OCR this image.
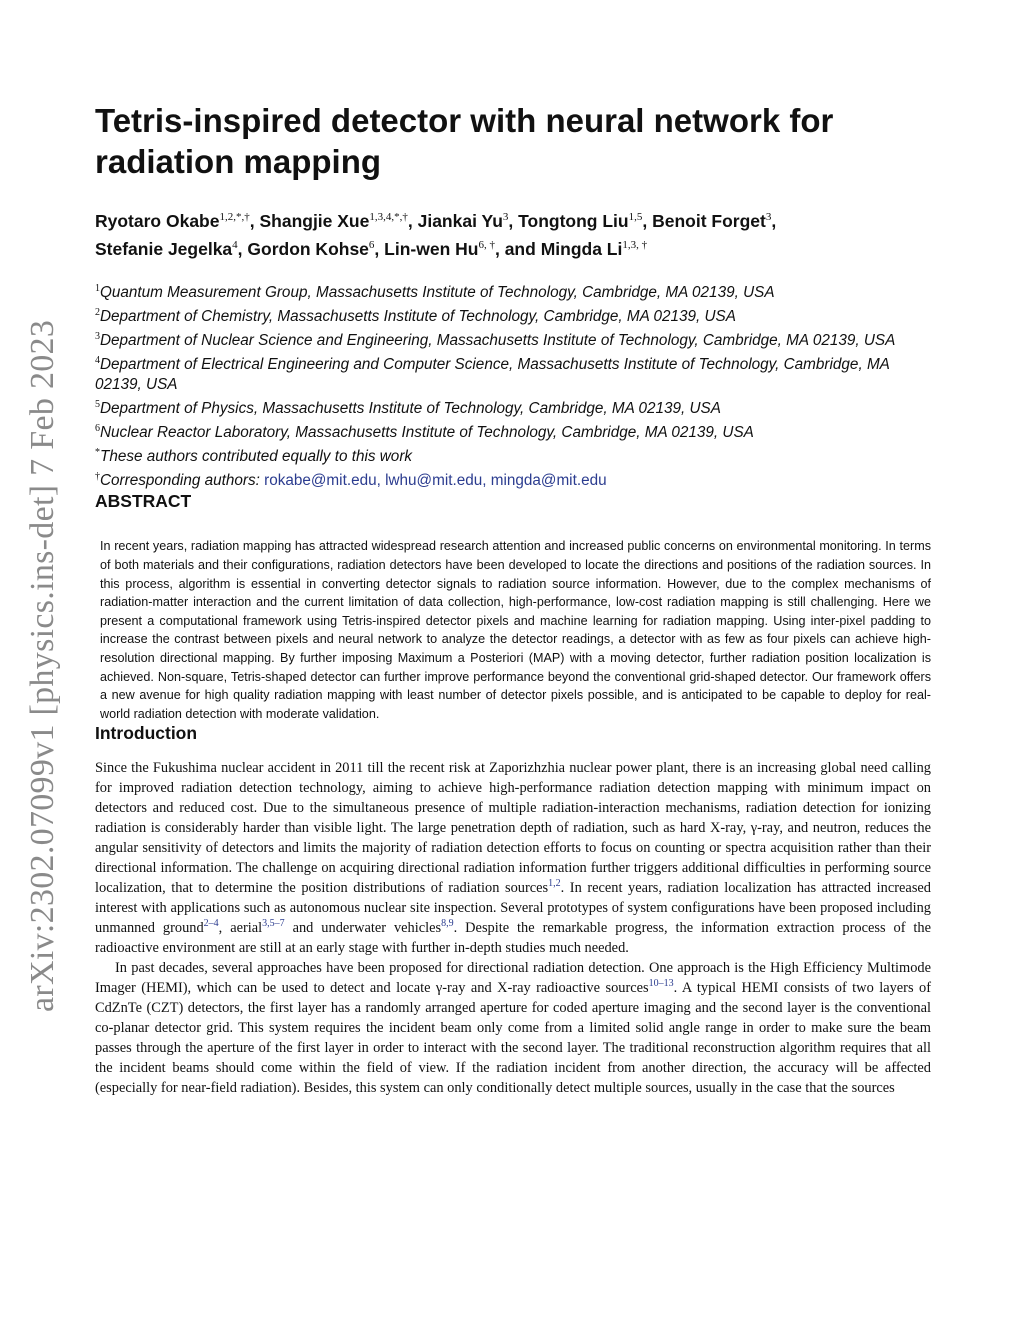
arXiv:2302.07099v1 [physics.ins-det] 7 Feb 2023
Tetris-inspired detector with neural network for radiation mapping
Ryotaro Okabe$^{1,2,*,\dagger}$, Shangjie Xue$^{1,3,4,*,\dagger}$, Jiankai Yu$^3$, Tongtong Liu$^{1,5}$, Benoit Forget$^3$,
Stefanie Jegelka$^4$, Gordon Kohse$^6$, Lin-wen $Hu^{6, \dagger}$, and Mingda $Li^{1,3, \dagger}$
$^1$Quantum Measurement Group, Massachusetts Institute of Technology, Cambridge, MA 02139, USA
$^2$Department of Chemistry, Massachusetts Institute of Technology, Cambridge, MA 02139, USA
$^3$Department of Nuclear Science and Engineering, Massachusetts Institute of Technology, Cambridge, MA 02139, USA
$^4$Department of Electrical Engineering and Computer Science, Massachusetts Institute of Technology, Cambridge, MA 02139, USA
$^5$Department of Physics, Massachusetts Institute of Technology, Cambridge, MA 02139, USA
$^6$Nuclear Reactor Laboratory, Massachusetts Institute of Technology, Cambridge, MA 02139, USA
*These authors contributed equally to this work
†Corresponding authors: rokabe@mit.edu, lwhu@mit.edu, mingda@mit.edu
ABSTRACT
In recent years, radiation mapping has attracted widespread research attention and increased public concerns on environmental monitoring. In terms of both materials and their configurations, radiation detectors have been developed to locate the directions and positions of the radiation sources. In this process, algorithm is essential in converting detector signals to radiation source information. However, due to the complex mechanisms of radiation-matter interaction and the current limitation of data collection, high-performance, low-cost radiation mapping is still challenging. Here we present a computational framework using Tetris-inspired detector pixels and machine learning for radiation mapping. Using inter-pixel padding to increase the contrast between pixels and neural network to analyze the detector readings, a detector with as few as four pixels can achieve high-resolution directional mapping. By further imposing Maximum a Posteriori (MAP) with a moving detector, further radiation position localization is achieved. Non-square, Tetris-shaped detector can further improve performance beyond the conventional grid-shaped detector. Our framework offers a new avenue for high quality radiation mapping with least number of detector pixels possible, and is anticipated to be capable to deploy for real-world radiation detection with moderate validation.
Introduction

Since the Fukushima nuclear accident in 2011 till the recent risk at Zaporizhzhia nuclear power plant, there is an increasing global need calling for improved radiation detection technology, aiming to achieve high-performance radiation detection mapping with minimum impact on detectors and reduced cost. Due to the simultaneous presence of multiple radiation-interaction mechanisms, radiation detection for ionizing radiation is considerably harder than visible light. The large penetration depth of radiation, such as hard X-ray, γ-ray, and neutron, reduces the angular sensitivity of detectors and limits the majority of radiation detection efforts to focus on counting or spectra acquisition rather than their directional information. The challenge on acquiring directional radiation information further triggers additional difficulties in performing source localization, that to determine the position distributions of radiation sources$^{1,2}$. In recent years, radiation localization has attracted increased interest with applications such as autonomous nuclear site inspection. Several prototypes of system configurations have been proposed including unmanned ground$^{2-4}$, aerial$^{3,5-7}$ and underwater vehicles$^{8,9}$. Despite the remarkable progress, the information extraction process of the radioactive environment are still at an early stage with further in-depth studies much needed.

In past decades, several approaches have been proposed for directional radiation detection. One approach is the High Efficiency Multimode Imager (HEMI), which can be used to detect and locate γ-ray and X-ray radioactive sources$^{10-13}$. A typical HEMI consists of two layers of CdZnTe (CZT) detectors, the first layer has a randomly arranged aperture for coded aperture imaging and the second layer is the conventional co-planar detector grid. This system requires the incident beam only come from a limited solid angle range in order to make sure the beam passes through the aperture of the first layer in order to interact with the second layer. The traditional reconstruction algorithm requires that all the incident beams should come within the field of view. If the radiation incident from another direction, the accuracy will be affected (especially for near-field radiation). Besides, this system can only conditionally detect multiple sources, usually in the case that the sources
